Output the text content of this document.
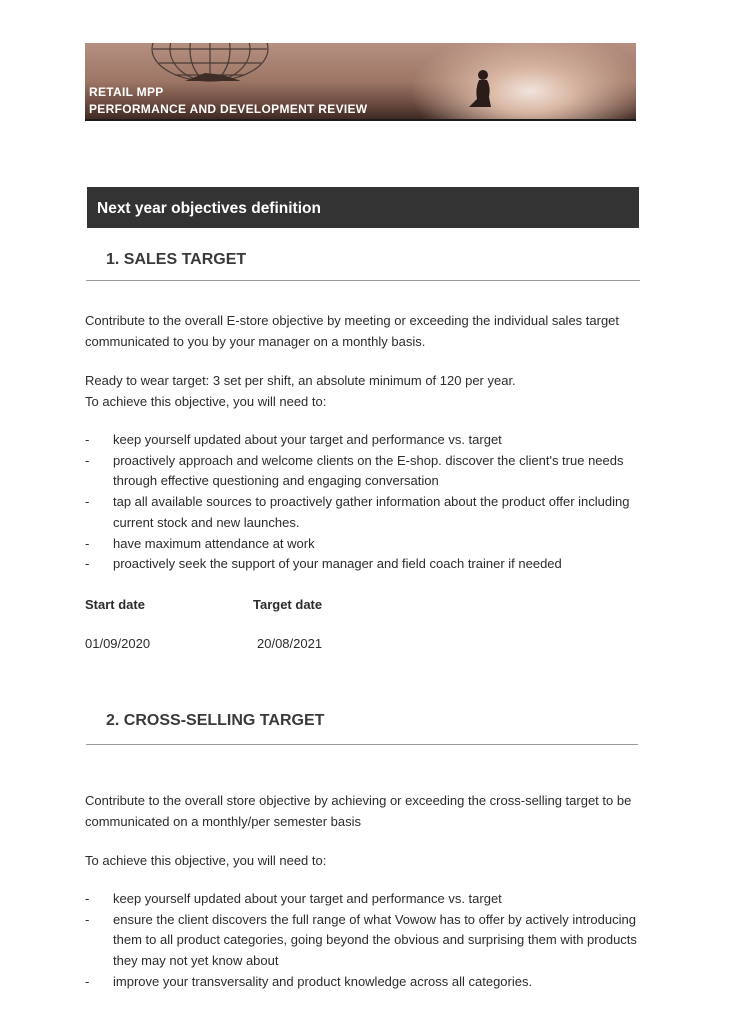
RETAIL MPP
PERFORMANCE AND DEVELOPMENT REVIEW
Next year objectives definition
1. SALES TARGET
Contribute to the overall E-store objective by meeting or exceeding the individual sales target communicated to you by your manager on a monthly basis.
Ready to wear target: 3 set per shift, an absolute minimum of 120 per year.
To achieve this objective, you will need to:
- keep yourself updated about your target and performance vs. target
- proactively approach and welcome clients on the E-shop. discover the client's true needs through effective questioning and engaging conversation
- tap all available sources to proactively gather information about the product offer including current stock and new launches.
- have maximum attendance at work
- proactively seek the support of your manager and field coach trainer if needed
Start date	Target date
01/09/2020	20/08/2021
2. CROSS-SELLING TARGET
Contribute to the overall store objective by achieving or exceeding the cross-selling target to be communicated on a monthly/per semester basis
To achieve this objective, you will need to:
- keep yourself updated about your target and performance vs. target
- ensure the client discovers the full range of what Vowow has to offer by actively introducing them to all product categories, going beyond the obvious and surprising them with products they may not yet know about
- improve your transversality and product knowledge across all categories.
